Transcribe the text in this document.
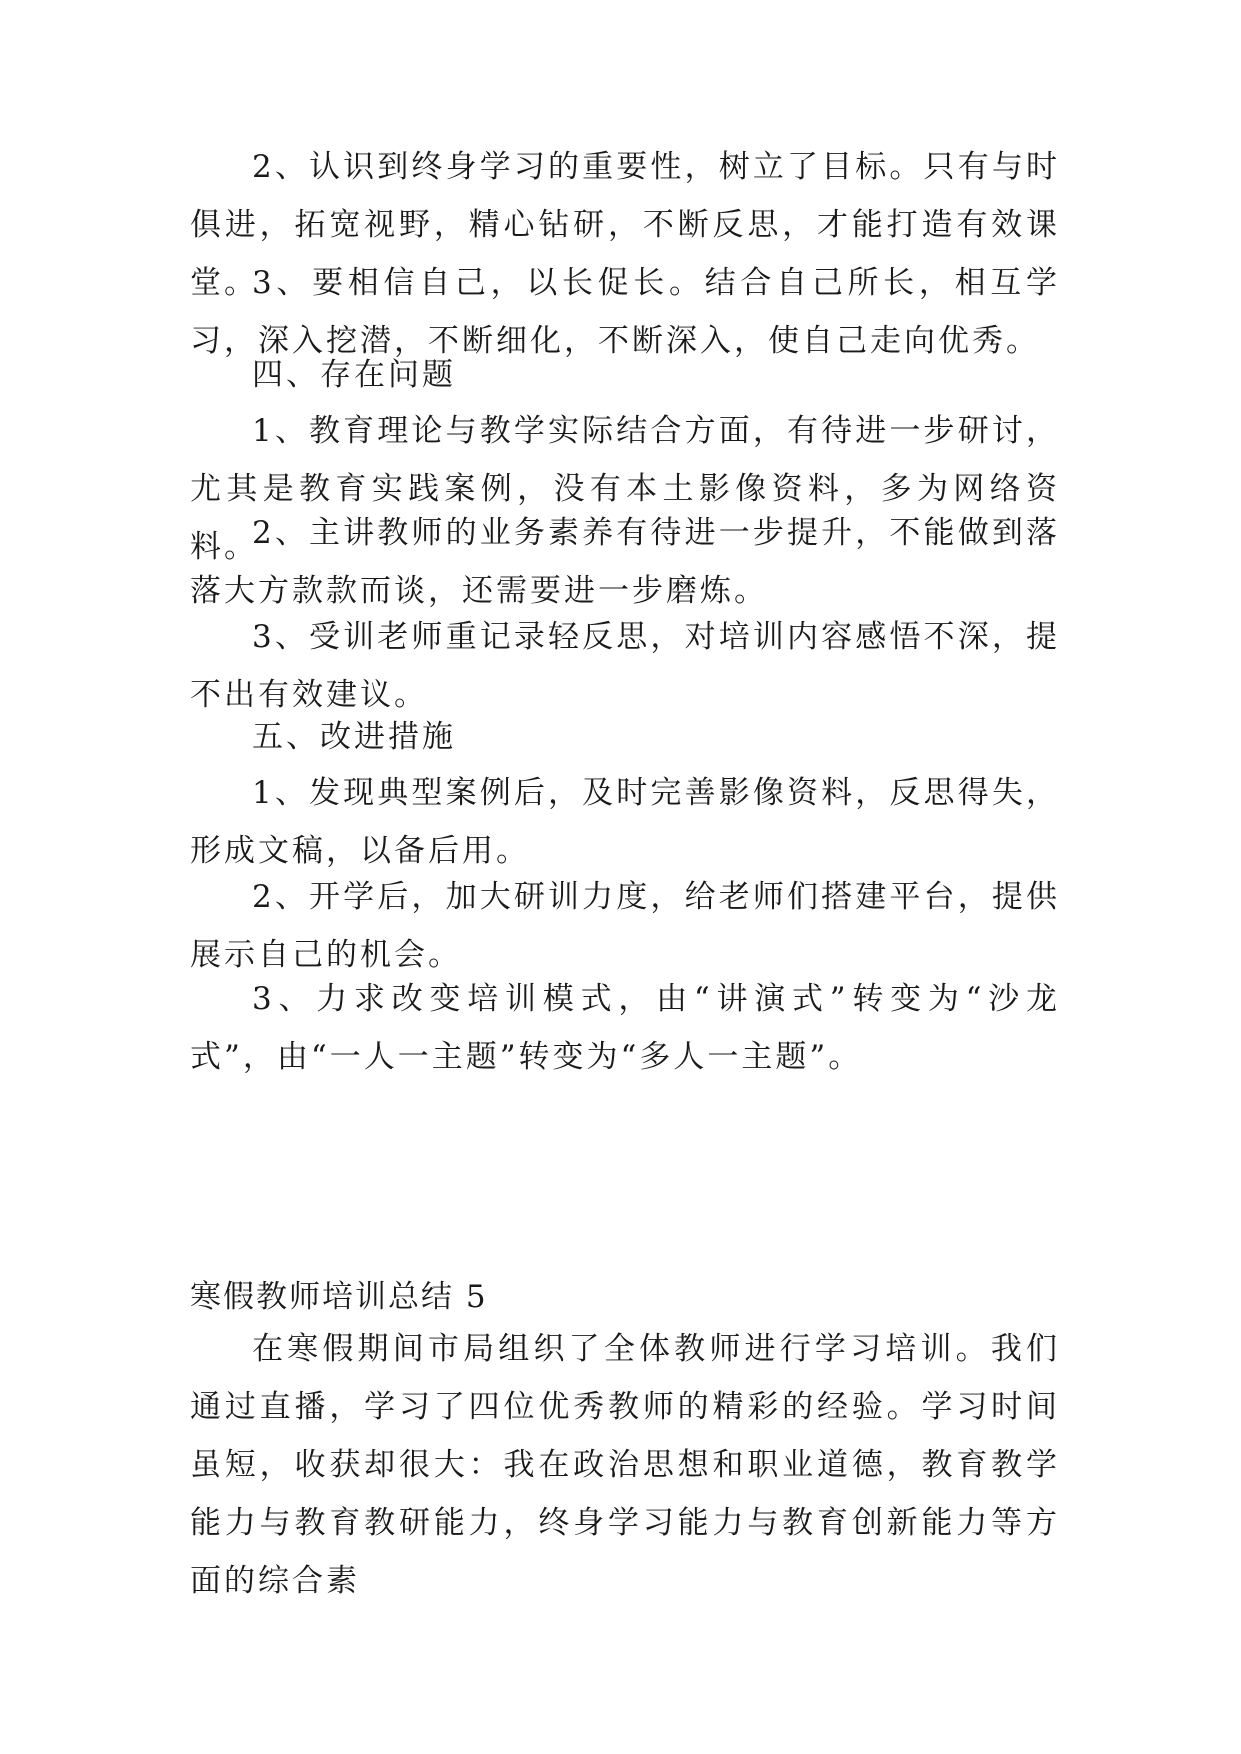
2、认识到终身学习的重要性，树立了目标。只有与时俱进，拓宽视野，精心钻研，不断反思，才能打造有效课堂。

3、要相信自己，以长促长。结合自己所长，相互学习，深入挖潜，不断细化，不断深入，使自己走向优秀。

四、存在问题

1、教育理论与教学实际结合方面，有待进一步研讨，尤其是教育实践案例，没有本土影像资料，多为网络资料。

2、主讲教师的业务素养有待进一步提升，不能做到落落大方款款而谈，还需要进一步磨炼。

3、受训老师重记录轻反思，对培训内容感悟不深，提不出有效建议。

五、改进措施

1、发现典型案例后，及时完善影像资料，反思得失，形成文稿，以备后用。

2、开学后，加大研训力度，给老师们搭建平台，提供展示自己的机会。

3、力求改变培训模式，由“讲演式”转变为“沙龙式”，由“一人一主题”转变为“多人一主题”。

寒假教师培训总结 5

在寒假期间市局组织了全体教师进行学习培训。我们通过直播，学习了四位优秀教师的精彩的经验。学习时间虽短，收获却很大：我在政治思想和职业道德，教育教学能力与教育教研能力，终身学习能力与教育创新能力等方面的综合素
